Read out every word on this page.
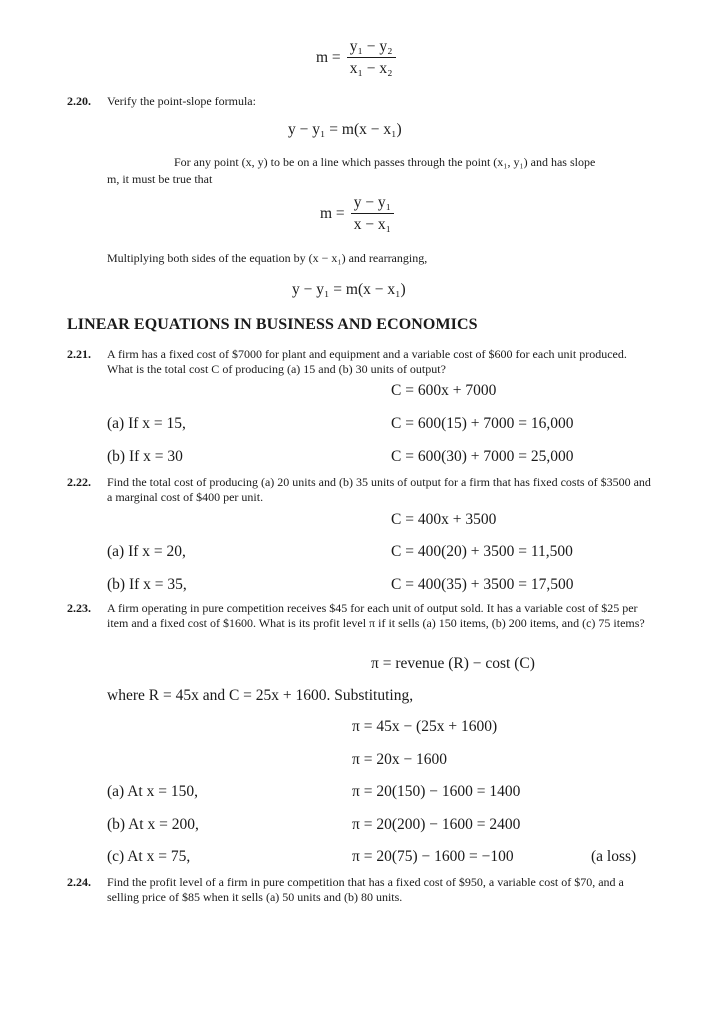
$m = \frac{\text{y₁ − y₂}}{\text{x₁ − x₂}}$
2.20. Verify the point-slope formula:
y − y₁ = m(x − x₁)
For any point (x, y) to be on a line which passes through the point (x₁, y₁) and has slope
m, it must be true that
$m = \frac{\text{y − y₁}}{\text{x − x₁}}$
Multiplying both sides of the equation by (x − x₁) and rearranging,
y − y₁ = m(x − x₁)
LINEAR EQUATIONS IN BUSINESS AND ECONOMICS
2.21. A firm has a fixed cost of $7000 for plant and equipment and a variable cost of $600 for each unit produced. What is the total cost C of producing (a) 15 and (b) 30 units of output?
C = 600x + 7000
(a) If x = 15,	C = 600(15) + 7000 = 16,000
(b) If x = 30	C = 600(30) + 7000 = 25,000
2.22. Find the total cost of producing (a) 20 units and (b) 35 units of output for a firm that has fixed costs of $3500 and a marginal cost of $400 per unit.
C = 400x + 3500
(a) If x = 20,	C = 400(20) + 3500 = 11,500
(b) If x = 35,	C = 400(35) + 3500 = 17,500
2.23. A firm operating in pure competition receives $45 for each unit of output sold. It has a variable cost of $25 per item and a fixed cost of $1600. What is its profit level π if it sells (a) 150 items, (b) 200 items, and (c) 75 items?
π = revenue (R) − cost (C)
where R = 45x and C = 25x + 1600. Substituting,
π = 45x − (25x + 1600)
π = 20x − 1600
(a) At x = 150,	π = 20(150) − 1600 = 1400
(b) At x = 200,	π = 20(200) − 1600 = 2400
(c) At x = 75,	π = 20(75) − 1600 = −100	(a loss)
2.24. Find the profit level of a firm in pure competition that has a fixed cost of $950, a variable cost of $70, and a selling price of $85 when it sells (a) 50 units and (b) 80 units.
